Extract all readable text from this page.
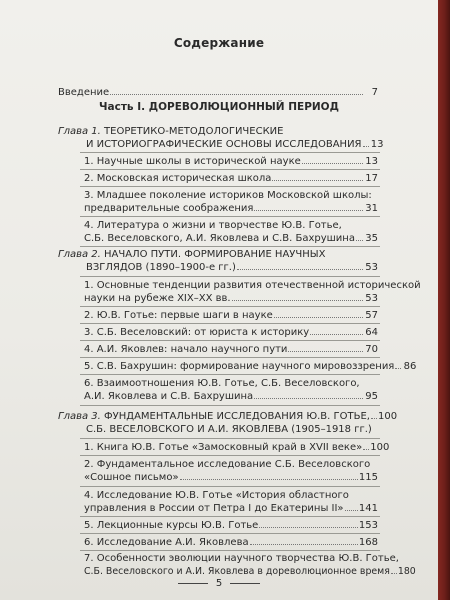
Содержание
Введение	7
Часть I. ДОРЕВОЛЮЦИОННЫЙ ПЕРИОД
Глава 1.
ТЕОРЕТИКО-МЕТОДОЛОГИЧЕСКИЕ
И ИСТОРИОГРАФИЧЕСКИЕ ОСНОВЫ ИССЛЕДОВАНИЯ 13
1. Научные школы в исторической науке	13
2. Московская историческая школа	17
3. Младшее поколение историков Московской школы:
предварительные соображения	31
4. Литература о жизни и творчестве Ю.В. Готье,
С.Б. Веселовского, А.И. Яковлева и С.В. Бахрушина 35
Глава 2.
НАЧАЛО ПУТИ. ФОРМИРОВАНИЕ НАУЧНЫХ
ВЗГЛЯДОВ (1890–1900-е гг.)	53
1. Основные тенденции развития отечественной исторической
науки на рубеже XIX–XX вв.	53
2. Ю.В. Готье: первые шаги в науке	57
3. С.Б. Веселовский: от юриста к историку	64
4. А.И. Яковлев: начало научного пути	70
5. С.В. Бахрушин: формирование научного мировоззрения 86
6. Взаимоотношения Ю.В. Готье, С.Б. Веселовского,
А.И. Яковлева и С.В. Бахрушина	95
Глава 3.
ФУНДАМЕНТАЛЬНЫЕ ИССЛЕДОВАНИЯ Ю.В. ГОТЬЕ, 100
С.Б. ВЕСЕЛОВСКОГО И А.И. ЯКОВЛЕВА (1905–1918 гг.)
1. Книга Ю.В. Готье «Замосковный край в XVII веке» 100
2. Фундаментальное исследование С.Б. Веселовского
«Сошное письмо»	115
4. Исследование Ю.В. Готье «История областного
управления в России от Петра I до Екатерины II» 141
5. Лекционные курсы Ю.В. Готье	153
6. Исследование А.И. Яковлева	168
7. Особенности эволюции научного творчества Ю.В. Готье,
С.Б. Веселовского и А.И. Яковлева в дореволюционное время 180
5
